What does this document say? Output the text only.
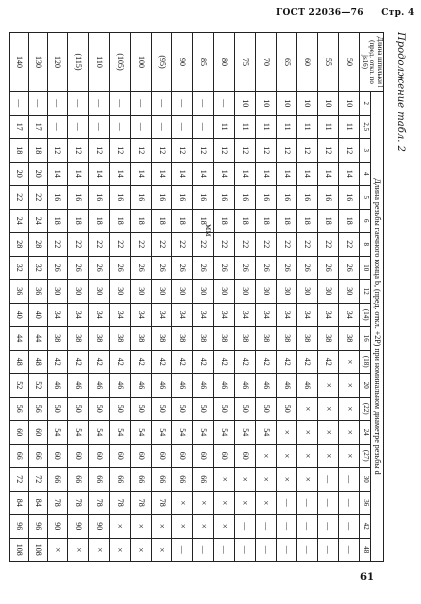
ГОСТ 22036—76 Стр. 4
Продолжение табл. 2
мм
Длина шпильки l (пред. откл. по js16)	Длина резьбы гаечного конца b, (пред. откл. +2P) при номинальном диаметре резьбы d																			
	2	2,5	3	4	5	6	8	10	12	(14)	16	(18)	20	(22)	24	(27)	30	36	42	48
50	10	11	12	14	16	18	22	26	30	34	38	×	×	×	×	×	—	—	—	—
55	10	11	12	14	16	18	22	26	30	34	38	42	×	×	×	×	—	—	—	—
60	10	11	12	14	16	18	22	26	30	34	38	42	46	×	×	×	×	—	—	—
65	10	11	12	14	16	18	22	26	30	34	38	42	46	50	×	×	×	—	—	—
70	10	11	12	14	16	18	22	26	30	34	38	42	46	50	54	×	×	×	—	—
75	10	11	12	14	16	18	22	26	30	34	38	42	46	50	54	60	×	×	—	—
80	—	11	12	14	16	18	22	26	30	34	38	42	46	50	54	60	×	×	×	—
85	—	—	12	14	16	18	22	26	30	34	38	42	46	50	54	60	66	×	×	—
90	—	—	12	14	16	18	22	26	30	34	38	42	46	50	54	60	66	×	×	—
(95)	—	—	12	14	16	18	22	26	30	34	38	42	46	50	54	60	66	78	×	×
100	—	—	12	14	16	18	22	26	30	34	38	42	46	50	54	60	66	78	×	×
(105)	—	—	12	14	16	18	22	26	30	34	38	42	46	50	54	60	66	78	×	×
110	—	—	12	14	16	18	22	26	30	34	38	42	46	50	54	60	66	78	90	×
(115)	—	—	12	14	16	18	22	26	30	34	38	42	46	50	54	60	66	78	90	×
120	—	—	12	14	16	18	22	26	30	34	38	42	46	50	54	60	66	78	90	×
130	—	17	18	20	22	24	28	32	36	40	44	48	52	56	60	66	72	84	96	108
140	—	17	18	20	22	24	28	32	36	40	44	48	52	56	60	66	72	84	96	108
61
